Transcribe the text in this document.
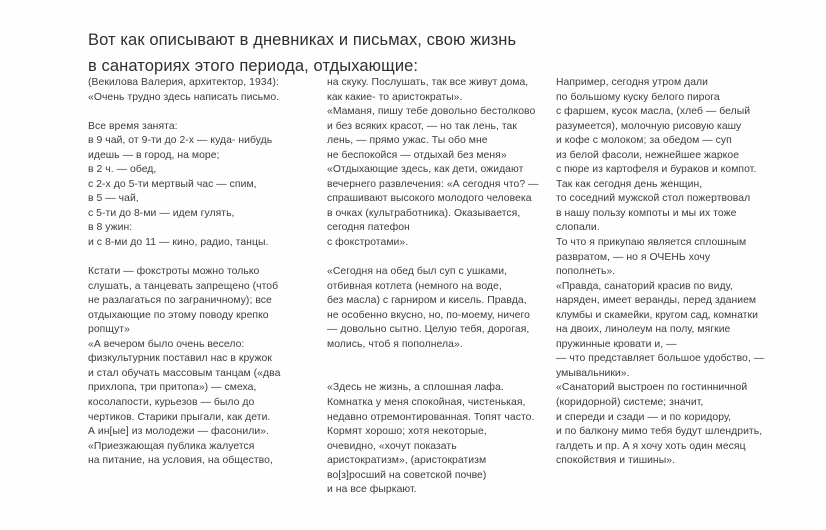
Вот как описывают в дневниках и письмах, свою жизнь
в санаториях этого периода, отдыхающие:

(Векилова Валерия, архитектор, 1934):
«Очень трудно здесь написать письмо.

Все время занята:
в 9 чай, от 9-ти до 2-х — куда- нибудь
идешь — в город, на море;
в 2 ч. — обед,
с 2-х до 5-ти мертвый час — спим,
в 5 — чай,
с 5-ти до 8-ми — идем гулять,
в 8 ужин:
и с 8-ми до 11 — кино, радио, танцы.

Кстати — фокстроты можно только
слушать, а танцевать запрещено (чтоб
не разлагаться по заграничному); все
отдыхающие по этому поводу крепко
ропщут»
«А вечером было очень весело:
физкультурник поставил нас в кружок
и стал обучать массовым танцам («два
прихлопа, три притопа») — смеха,
косолапости, курьезов — было до
чертиков. Старики прыгали, как дети.
А ин[ые] из молодежи — фасонили».
«Приезжающая публика жалуется
на питание, на условия, на общество,

на скуку. Послушать, так все живут дома,
как какие- то аристократы».
«Маманя, пишу тебе довольно бестолково
и без всяких красот, — но так лень, так
лень, — прямо ужас. Ты обо мне
не беспокойся — отдыхай без меня»
«Отдыхающие здесь, как дети, ожидают
вечернего развлечения: «А сегодня что? —
спрашивают высокого молодого человека
в очках (культработника). Оказывается,
сегодня патефон
с фокстротами».

«Сегодня на обед был суп с ушками,
отбивная котлета (немного на воде,
без масла) с гарниром и кисель. Правда,
не особенно вкусно, но, по-моему, ничего
— довольно сытно. Целую тебя, дорогая,
молись, чтоб я пополнела».

«Здесь не жизнь, а сплошная лафа.
Комнатка у меня спокойная, чистенькая,
недавно отремонтированная. Топят часто.
Кормят хорошо; хотя некоторые,
очевидно, «хочут показать
аристократизм», (аристократизм
во[з]росший на советской почве)
и на все фыркают.

Например, сегодня утром дали
по большому куску белого пирога
с фаршем, кусок масла, (хлеб — белый
разумеется), молочную рисовую кашу
и кофе с молоком; за обедом — суп
из белой фасоли, нежнейшее жаркое
с пюре из картофеля и бураков и компот.
Так как сегодня день женщин,
то соседний мужской стол пожертвовал
в нашу пользу компоты и мы их тоже
слопали.
То что я прикупаю является сплошным
развратом, — но я ОЧЕНЬ хочу
пополнеть».
«Правда, санаторий красив по виду,
наряден, имеет веранды, перед зданием
клумбы и скамейки, кругом сад, комнатки
на двоих, линолеум на полу, мягкие
пружинные кровати и, —
— что представляет большое удобство, —
умывальники».
«Санаторий выстроен по гостинничной
(коридорной) системе; значит,
и спереди и сзади — и по коридору,
и по балкону мимо тебя будут шлендрить,
галдеть и пр. А я хочу хоть один месяц
спокойствия и тишины».
